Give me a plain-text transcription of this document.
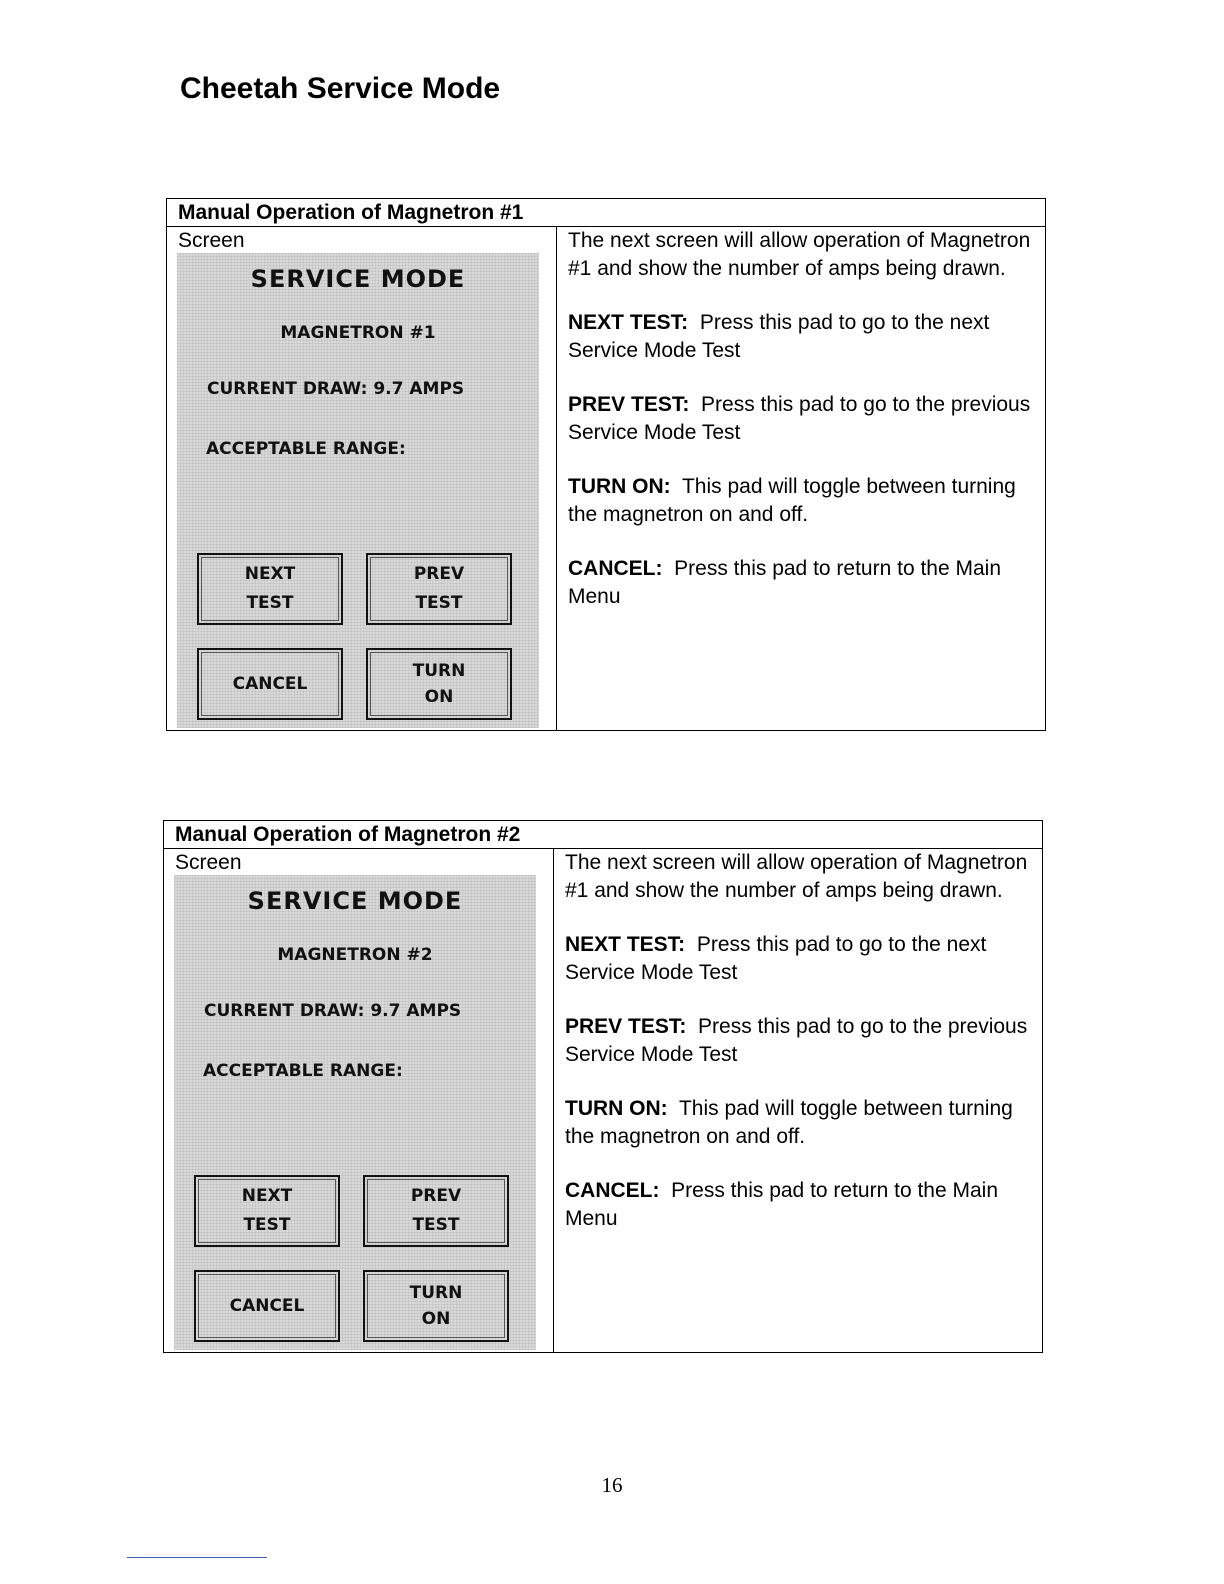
Cheetah Service Mode
Manual Operation of Magnetron #1
Screen
SERVICE MODE
MAGNETRON #1
CURRENT DRAW: 9.7 AMPS
ACCEPTABLE RANGE:
NEXT
TEST
PREV
TEST
CANCEL
TURN
ON

The next screen will allow operation of Magnetron #1 and show the number of amps being drawn.

NEXT TEST: Press this pad to go to the next Service Mode Test

PREV TEST: Press this pad to go to the previous Service Mode Test

TURN ON: This pad will toggle between turning the magnetron on and off.

CANCEL: Press this pad to return to the Main Menu

Manual Operation of Magnetron #2
Screen
SERVICE MODE
MAGNETRON #2
CURRENT DRAW: 9.7 AMPS
ACCEPTABLE RANGE:
NEXT
TEST
PREV
TEST
CANCEL
TURN
ON

The next screen will allow operation of Magnetron #1 and show the number of amps being drawn.

NEXT TEST: Press this pad to go to the next Service Mode Test

PREV TEST: Press this pad to go to the previous Service Mode Test

TURN ON: This pad will toggle between turning the magnetron on and off.

CANCEL: Press this pad to return to the Main Menu

16
